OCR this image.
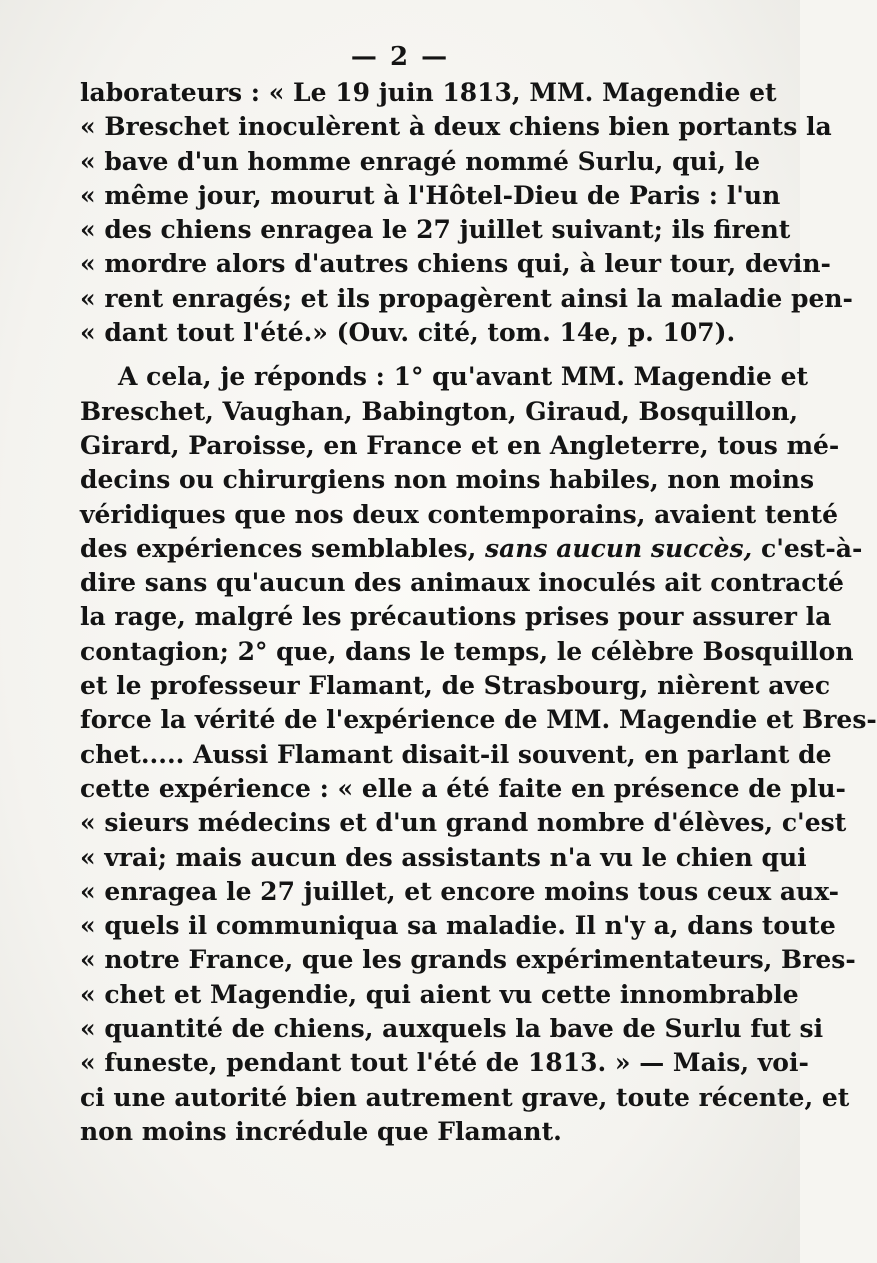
— 2 —
laborateurs : « Le 19 juin 1813, MM. Magendie et
« Breschet inoculèrent à deux chiens bien portants la
« bave d'un homme enragé nommé Surlu, qui, le
« même jour, mourut à l'Hôtel-Dieu de Paris : l'un
« des chiens enragea le 27 juillet suivant; ils firent
« mordre alors d'autres chiens qui, à leur tour, devin-
« rent enragés; et ils propagèrent ainsi la maladie pen-
« dant tout l'été.» (Ouv. cité, tom. 14e, p. 107).
A cela, je réponds : 1° qu'avant MM. Magendie et
Breschet, Vaughan, Babington, Giraud, Bosquillon,
Girard, Paroisse, en France et en Angleterre, tous mé-
decins ou chirurgiens non moins habiles, non moins
véridiques que nos deux contemporains, avaient tenté
des expériences semblables, sans aucun succès, c'est-à-
dire sans qu'aucun des animaux inoculés ait contracté
la rage, malgré les précautions prises pour assurer la
contagion; 2° que, dans le temps, le célèbre Bosquillon
et le professeur Flamant, de Strasbourg, nièrent avec
force la vérité de l'expérience de MM. Magendie et Bres-
chet..... Aussi Flamant disait-il souvent, en parlant de
cette expérience : « elle a été faite en présence de plu-
« sieurs médecins et d'un grand nombre d'élèves, c'est
« vrai; mais aucun des assistants n'a vu le chien qui
« enragea le 27 juillet, et encore moins tous ceux aux-
« quels il communiqua sa maladie. Il n'y a, dans toute
« notre France, que les grands expérimentateurs, Bres-
« chet et Magendie, qui aient vu cette innombrable
« quantité de chiens, auxquels la bave de Surlu fut si
« funeste, pendant tout l'été de 1813. » — Mais, voi-
ci une autorité bien autrement grave, toute récente, et
non moins incrédule que Flamant.
